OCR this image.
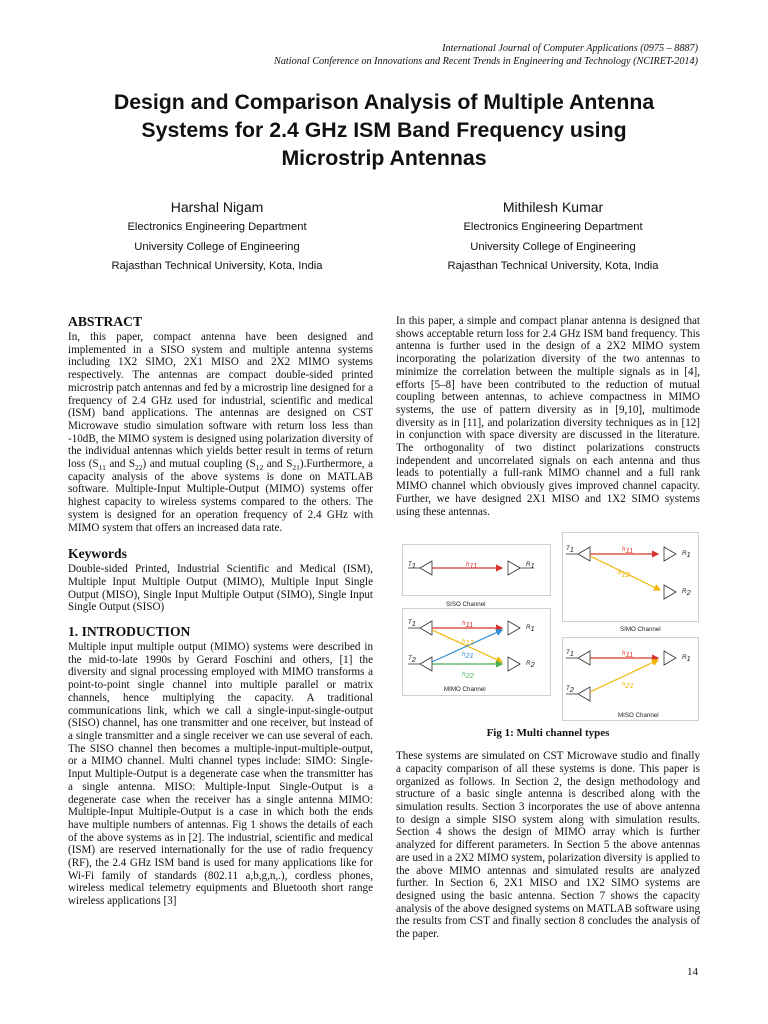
International Journal of Computer Applications (0975 – 8887)
National Conference on Innovations and Recent Trends in Engineering and Technology (NCIRET-2014)
Design and Comparison Analysis of Multiple Antenna
Systems for 2.4 GHz ISM Band Frequency using
Microstrip Antennas
Harshal Nigam
Electronics Engineering Department
University College of Engineering
Rajasthan Technical University, Kota, India
Mithilesh Kumar
Electronics Engineering Department
University College of Engineering
Rajasthan Technical University, Kota, India
ABSTRACT

In, this paper, compact antenna have been designed and implemented in a SISO system and multiple antenna systems including 1X2 SIMO, 2X1 MISO and 2X2 MIMO systems respectively. The antennas are compact double-sided printed microstrip patch antennas and fed by a microstrip line designed for a frequency of 2.4 GHz used for industrial, scientific and medical (ISM) band applications. The antennas are designed on CST Microwave studio simulation software with return loss less than -10dB, the MIMO system is designed using polarization diversity of the individual antennas which yields better result in terms of return loss ($S_{11}$ and $S_{22}$) and mutual coupling ($S_{12}$ and $S_{21}).Furthermore$, a capacity analysis of the above systems is done on MATLAB software. Multiple-Input Multiple-Output (MIMO) systems offer highest capacity to wireless systems compared to the others. The system is designed for an operation frequency of 2.4 GHz with MIMO system that offers an increased data rate.

Keywords

Double-sided Printed, Industrial Scientific and Medical (ISM), Multiple Input Multiple Output (MIMO), Multiple Input Single Output (MISO), Single Input Multiple Output (SIMO), Single Input Single Output (SISO)

1. INTRODUCTION

Multiple input multiple output (MIMO) systems were described in the mid-to-late 1990s by Gerard Foschini and others, [1] the diversity and signal processing employed with MIMO transforms a point-to-point single channel into multiple parallel or matrix channels, hence multiplying the capacity. A traditional communications link, which we call a single-input-single-output (SISO) channel, has one transmitter and one receiver, but instead of a single transmitter and a single receiver we can use several of each. The SISO channel then becomes a multiple-input-multiple-output, or a MIMO channel. Multi channel types include: SIMO: Single-Input Multiple-Output is a degenerate case when the transmitter has a single antenna. MISO: Multiple-Input Single-Output is a degenerate case when the receiver has a single antenna MIMO: Multiple-Input Multiple-Output is a case in which both the ends have multiple numbers of antennas. Fig 1 shows the details of each of the above systems as in [2]. The industrial, scientific and medical (ISM) are reserved internationally for the use of radio frequency (RF), the 2.4 GHz ISM band is used for many applications like for Wi-Fi family of standards (802.11 a,b,g,n,.), cordless phones, wireless medical telemetry equipments and Bluetooth short range wireless applications [3]

In this paper, a simple and compact planar antenna is designed that shows acceptable return loss for 2.4 GHz ISM band frequency. This antenna is further used in the design of a 2X2 MIMO system incorporating the polarization diversity of the two antennas to minimize the correlation between the multiple signals as in [4], efforts [5–8] have been contributed to the reduction of mutual coupling between antennas, to achieve compactness in MIMO systems, the use of pattern diversity as in [9,10], multimode diversity as in [11], and polarization diversity techniques as in [12] in conjunction with space diversity are discussed in the literature. The orthogonality of two distinct polarizations constructs independent and uncorrelated signals on each antenna and thus leads to potentially a full-rank MIMO channel and a full rank MIMO channel which obviously gives improved channel capacity. Further, we have designed 2X1 MISO and 1X2 SIMO systems using these antennas.

$T_1$	$h_{11}$	$R_1$
SISO Channel
$T_1$	$h_{11}$
$h_{12}$
$R_1$
$R_2$
SIMO Channel
$T_1$
$T_2$
$h_{11}$
$h_{12}$
$h_{21}$
$h_{22}$
$R_1$
$R_2$
MIMO Channel
$T_1$
$T_2$
$h_{11}$
$h_{21}$
$R_1$
MISO Channel
Fig 1: Multi channel types

These systems are simulated on CST Microwave studio and finally a capacity comparison of all these systems is done. This paper is organized as follows. In Section 2, the design methodology and structure of a basic single antenna is described along with the simulation results. Section 3 incorporates the use of above antenna to design a simple SISO system along with simulation results. Section 4 shows the design of MIMO array which is further analyzed for different parameters. In Section 5 the above antennas are used in a 2X2 MIMO system, polarization diversity is applied to the above MIMO antennas and simulated results are analyzed further. In Section 6, 2X1 MISO and 1X2 SIMO systems are designed using the basic antenna. Section 7 shows the capacity analysis of the above designed systems on MATLAB software using the results from CST and finally section 8 concludes the analysis of the paper.

14
